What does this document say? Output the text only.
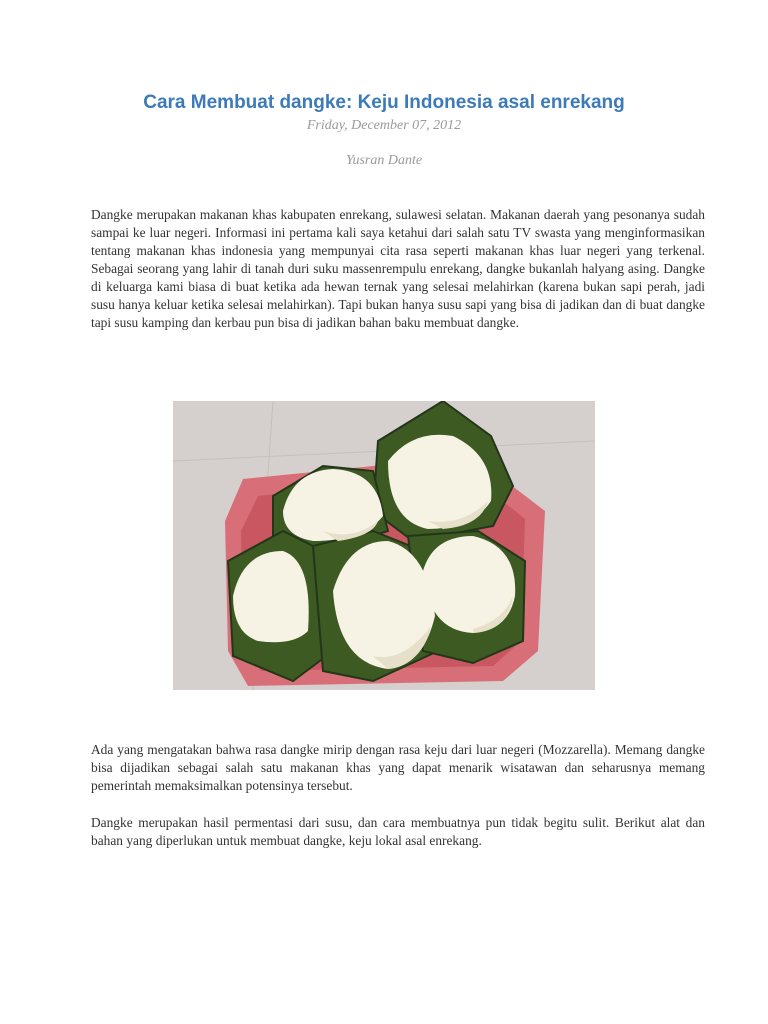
Cara Membuat dangke: Keju Indonesia asal enrekang
Friday, December 07, 2012
Yusran Dante

Dangke merupakan makanan khas kabupaten enrekang, sulawesi selatan. Makanan daerah yang pesonanya sudah sampai ke luar negeri. Informasi ini pertama kali saya ketahui dari salah satu TV swasta yang menginformasikan tentang makanan khas indonesia yang mempunyai cita rasa seperti makanan khas luar negeri yang terkenal. Sebagai seorang yang lahir di tanah duri suku massenrempulu enrekang, dangke bukanlah halyang asing. Dangke di keluarga kami biasa di buat ketika ada hewan ternak yang selesai melahirkan (karena bukan sapi perah, jadi susu hanya keluar ketika selesai melahirkan). Tapi bukan hanya susu sapi yang bisa di jadikan dan di buat dangke tapi susu kamping dan kerbau pun bisa di jadikan bahan baku membuat dangke.

Ada yang mengatakan bahwa rasa dangke mirip dengan rasa keju dari luar negeri (Mozzarella). Memang dangke bisa dijadikan sebagai salah satu makanan khas yang dapat menarik wisatawan dan seharusnya memang pemerintah memaksimalkan potensinya tersebut.

Dangke merupakan hasil permentasi dari susu, dan cara membuatnya pun tidak begitu sulit. Berikut alat dan bahan yang diperlukan untuk membuat dangke, keju lokal asal enrekang.
